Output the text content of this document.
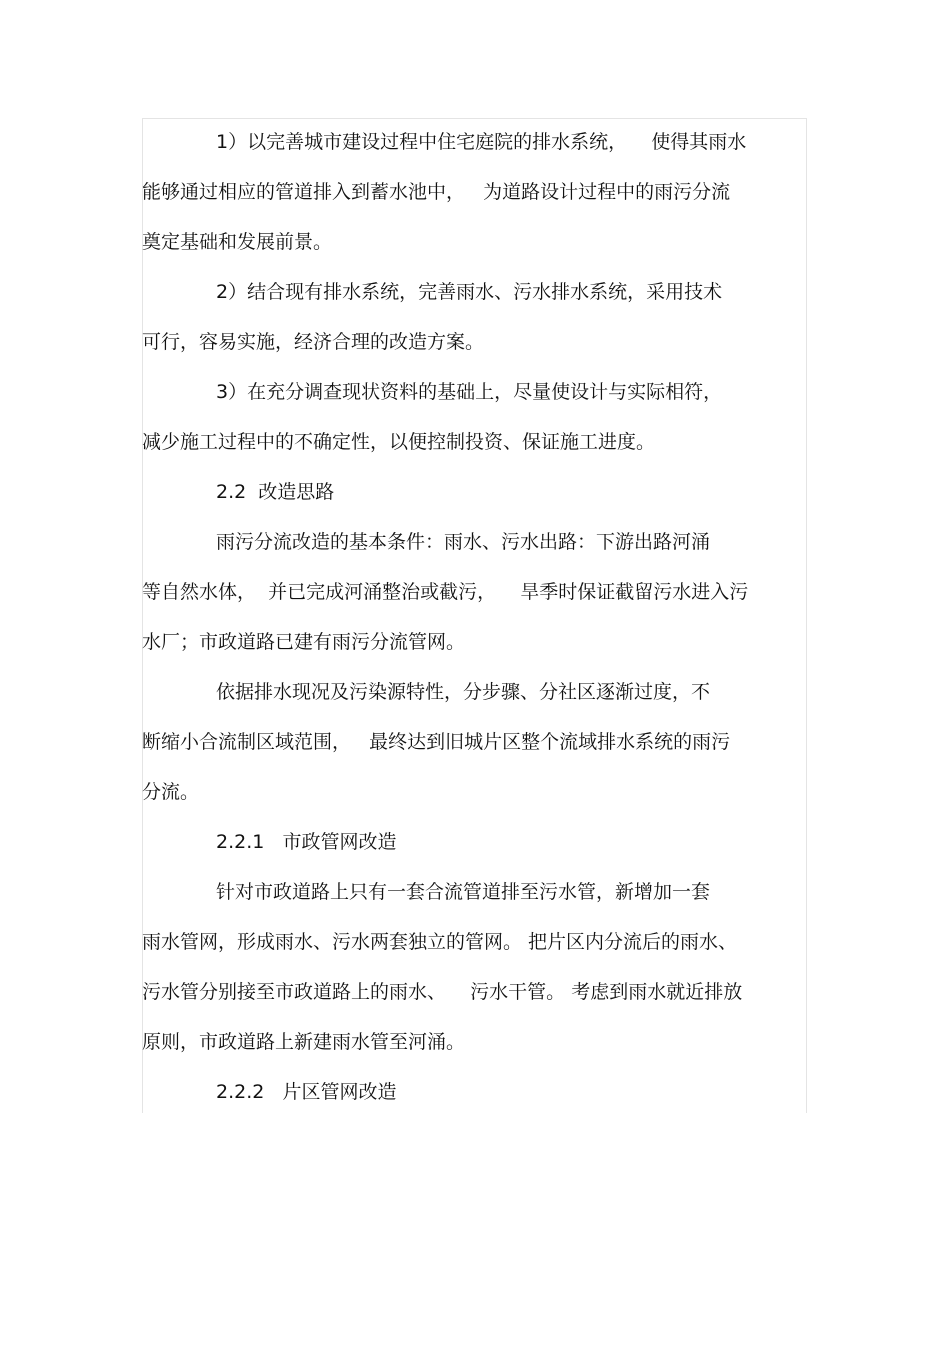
1）以完善城市建设过程中住宅庭院的排水系统，    使得其雨水
能够通过相应的管道排入到蓄水池中，   为道路设计过程中的雨污分流
奠定基础和发展前景。
2）结合现有排水系统，完善雨水、污水排水系统，采用技术
可行，容易实施，经济合理的改造方案。
3）在充分调查现状资料的基础上，尽量使设计与实际相符，
减少施工过程中的不确定性，以便控制投资、保证施工进度。
2.2  改造思路
雨污分流改造的基本条件：雨水、污水出路：下游出路河涌
等自然水体，  并已完成河涌整治或截污，    旱季时保证截留污水进入污
水厂；市政道路已建有雨污分流管网。
依据排水现况及污染源特性，分步骤、分社区逐渐过度，不
断缩小合流制区域范围，   最终达到旧城片区整个流域排水系统的雨污
分流。
2.2.1   市政管网改造
针对市政道路上只有一套合流管道排至污水管，新增加一套
雨水管网，形成雨水、污水两套独立的管网。 把片区内分流后的雨水、
污水管分别接至市政道路上的雨水、    污水干管。 考虑到雨水就近排放
原则，市政道路上新建雨水管至河涌。
2.2.2   片区管网改造
